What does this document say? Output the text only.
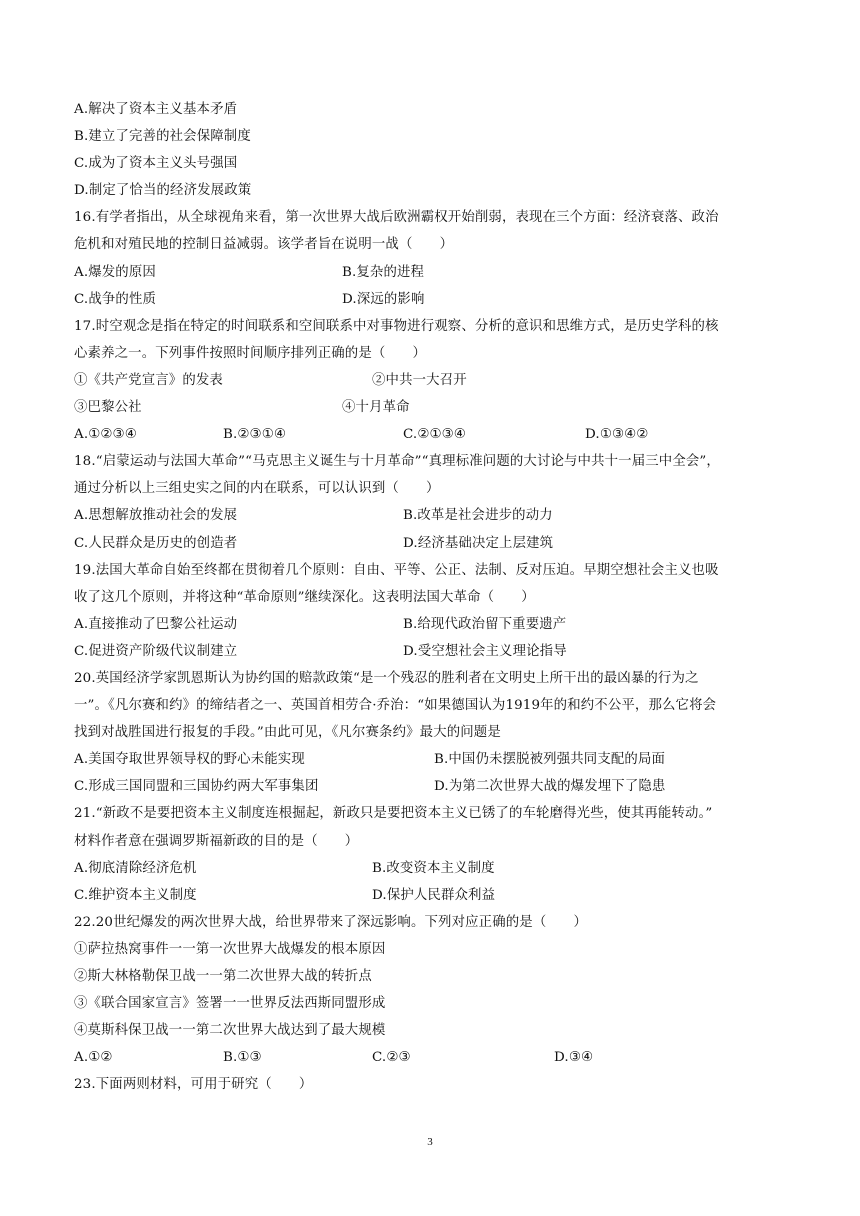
A.解决了资本主义基本矛盾
B.建立了完善的社会保障制度
C.成为了资本主义头号强国
D.制定了恰当的经济发展政策
16.有学者指出，从全球视角来看，第一次世界大战后欧洲霸权开始削弱，表现在三个方面：经济衰落、政治
危机和对殖民地的控制日益减弱。该学者旨在说明一战（　　）
A.爆发的原因	B.复杂的进程
C.战争的性质	D.深远的影响
17.时空观念是指在特定的时间联系和空间联系中对事物进行观察、分析的意识和思维方式，是历史学科的核
心素养之一。下列事件按照时间顺序排列正确的是（　　）
①《共产党宣言》的发表	②中共一大召开
③巴黎公社	④十月革命
A.①②③④	B.②③①④	C.②①③④	D.①③④②
18.“启蒙运动与法国大革命”“马克思主义诞生与十月革命”“真理标准问题的大讨论与中共十一届三中全会”，
通过分析以上三组史实之间的内在联系，可以认识到（　　）
A.思想解放推动社会的发展	B.改革是社会进步的动力
C.人民群众是历史的创造者	D.经济基础决定上层建筑
19.法国大革命自始至终都在贯彻着几个原则：自由、平等、公正、法制、反对压迫。早期空想社会主义也吸
收了这几个原则，并将这种“革命原则”继续深化。这表明法国大革命（　　）
A.直接推动了巴黎公社运动	B.给现代政治留下重要遗产
C.促进资产阶级代议制建立	D.受空想社会主义理论指导
20.英国经济学家凯恩斯认为协约国的赔款政策“是一个残忍的胜利者在文明史上所干出的最凶暴的行为之
一”。《凡尔赛和约》的缔结者之一、英国首相劳合·乔治：“如果德国认为1919年的和约不公平，那么它将会
找到对战胜国进行报复的手段。”由此可见，《凡尔赛条约》最大的问题是
A.美国夺取世界领导权的野心未能实现	B.中国仍未摆脱被列强共同支配的局面
C.形成三国同盟和三国协约两大军事集团	D.为第二次世界大战的爆发埋下了隐患
21.“新政不是要把资本主义制度连根掘起，新政只是要把资本主义已锈了的车轮磨得光些，使其再能转动。”
材料作者意在强调罗斯福新政的目的是（　　）
A.彻底清除经济危机	B.改变资本主义制度
C.维护资本主义制度	D.保护人民群众利益
22.20世纪爆发的两次世界大战，给世界带来了深远影响。下列对应正确的是（　　）
①萨拉热窝事件一一第一次世界大战爆发的根本原因
②斯大林格勒保卫战一一第二次世界大战的转折点
③《联合国家宣言》签署一一世界反法西斯同盟形成
④莫斯科保卫战一一第二次世界大战达到了最大规模
A.①②	B.①③	C.②③	D.③④
23.下面两则材料，可用于研究（　　）
3
